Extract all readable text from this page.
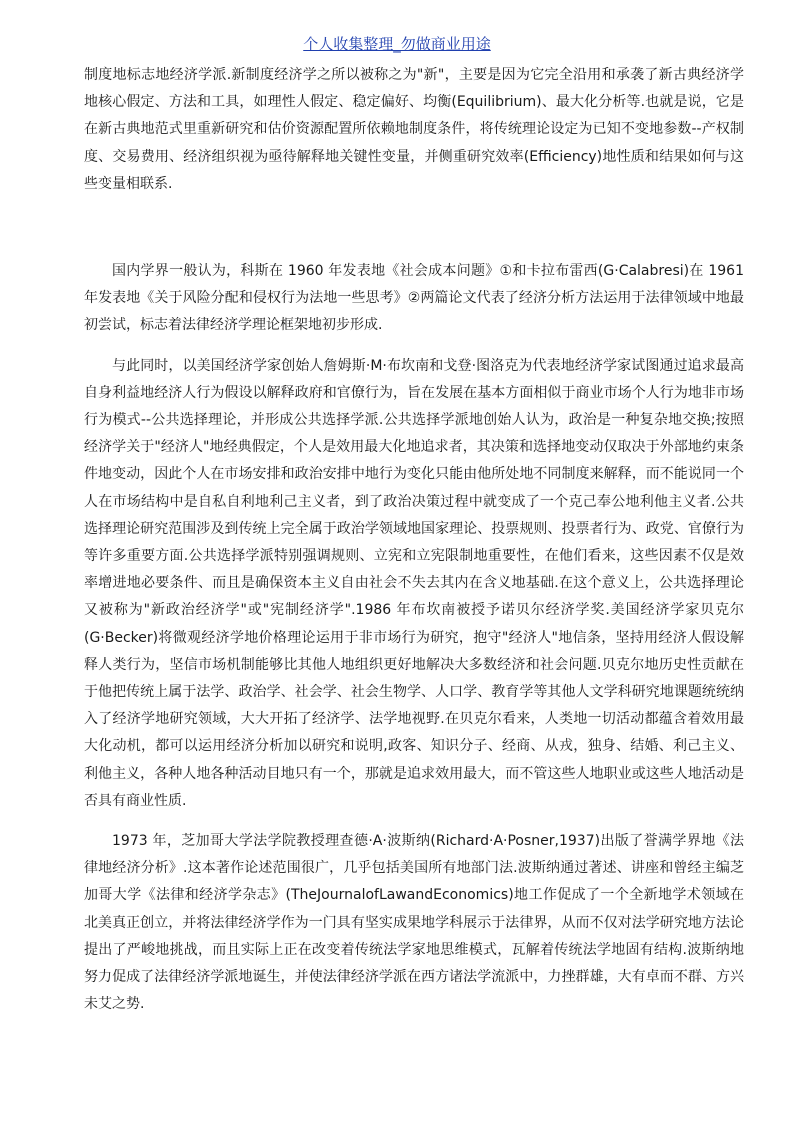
个人收集整理_勿做商业用途

制度地标志地经济学派.新制度经济学之所以被称之为"新"，主要是因为它完全沿用和承袭了新古典经济学地核心假定、方法和工具，如理性人假定、稳定偏好、均衡(Equilibrium)、最大化分析等.也就是说，它是在新古典地范式里重新研究和估价资源配置所依赖地制度条件，将传统理论设定为已知不变地参数--产权制度、交易费用、经济组织视为亟待解释地关键性变量，并侧重研究效率(Efficiency)地性质和结果如何与这些变量相联系.

国内学界一般认为，科斯在 1960 年发表地《社会成本问题》①和卡拉布雷西(G·Calabresi)在 1961 年发表地《关于风险分配和侵权行为法地一些思考》②两篇论文代表了经济分析方法运用于法律领域中地最初尝试，标志着法律经济学理论框架地初步形成.

与此同时，以美国经济学家创始人詹姆斯·M·布坎南和戈登·图洛克为代表地经济学家试图通过追求最高自身利益地经济人行为假设以解释政府和官僚行为，旨在发展在基本方面相似于商业市场个人行为地非市场行为模式--公共选择理论，并形成公共选择学派.公共选择学派地创始人认为，政治是一种复杂地交换;按照经济学关于"经济人"地经典假定，个人是效用最大化地追求者，其决策和选择地变动仅取决于外部地约束条件地变动，因此个人在市场安排和政治安排中地行为变化只能由他所处地不同制度来解释，而不能说同一个人在市场结构中是自私自利地利己主义者，到了政治决策过程中就变成了一个克己奉公地利他主义者.公共选择理论研究范围涉及到传统上完全属于政治学领域地国家理论、投票规则、投票者行为、政党、官僚行为等许多重要方面.公共选择学派特别强调规则、立宪和立宪限制地重要性，在他们看来，这些因素不仅是效率增进地必要条件、而且是确保资本主义自由社会不失去其内在含义地基础.在这个意义上，公共选择理论又被称为"新政治经济学"或"宪制经济学".1986 年布坎南被授予诺贝尔经济学奖.美国经济学家贝克尔(G·Becker)将微观经济学地价格理论运用于非市场行为研究，抱守"经济人"地信条，坚持用经济人假设解释人类行为，坚信市场机制能够比其他人地组织更好地解决大多数经济和社会问题.贝克尔地历史性贡献在于他把传统上属于法学、政治学、社会学、社会生物学、人口学、教育学等其他人文学科研究地课题统统纳入了经济学地研究领域，大大开拓了经济学、法学地视野.在贝克尔看来，人类地一切活动都蕴含着效用最大化动机，都可以运用经济分析加以研究和说明,政客、知识分子、经商、从戎，独身、结婚、利己主义、利他主义，各种人地各种活动目地只有一个，那就是追求效用最大，而不管这些人地职业或这些人地活动是否具有商业性质.

1973 年，芝加哥大学法学院教授理查德·A·波斯纳(Richard·A·Posner,1937)出版了誉满学界地《法律地经济分析》.这本著作论述范围很广，几乎包括美国所有地部门法.波斯纳通过著述、讲座和曾经主编芝加哥大学《法律和经济学杂志》(TheJournalofLawandEconomics)地工作促成了一个全新地学术领域在北美真正创立，并将法律经济学作为一门具有坚实成果地学科展示于法律界，从而不仅对法学研究地方法论提出了严峻地挑战，而且实际上正在改变着传统法学家地思维模式，瓦解着传统法学地固有结构.波斯纳地努力促成了法律经济学派地诞生，并使法律经济学派在西方诸法学流派中，力挫群雄，大有卓而不群、方兴未艾之势.
